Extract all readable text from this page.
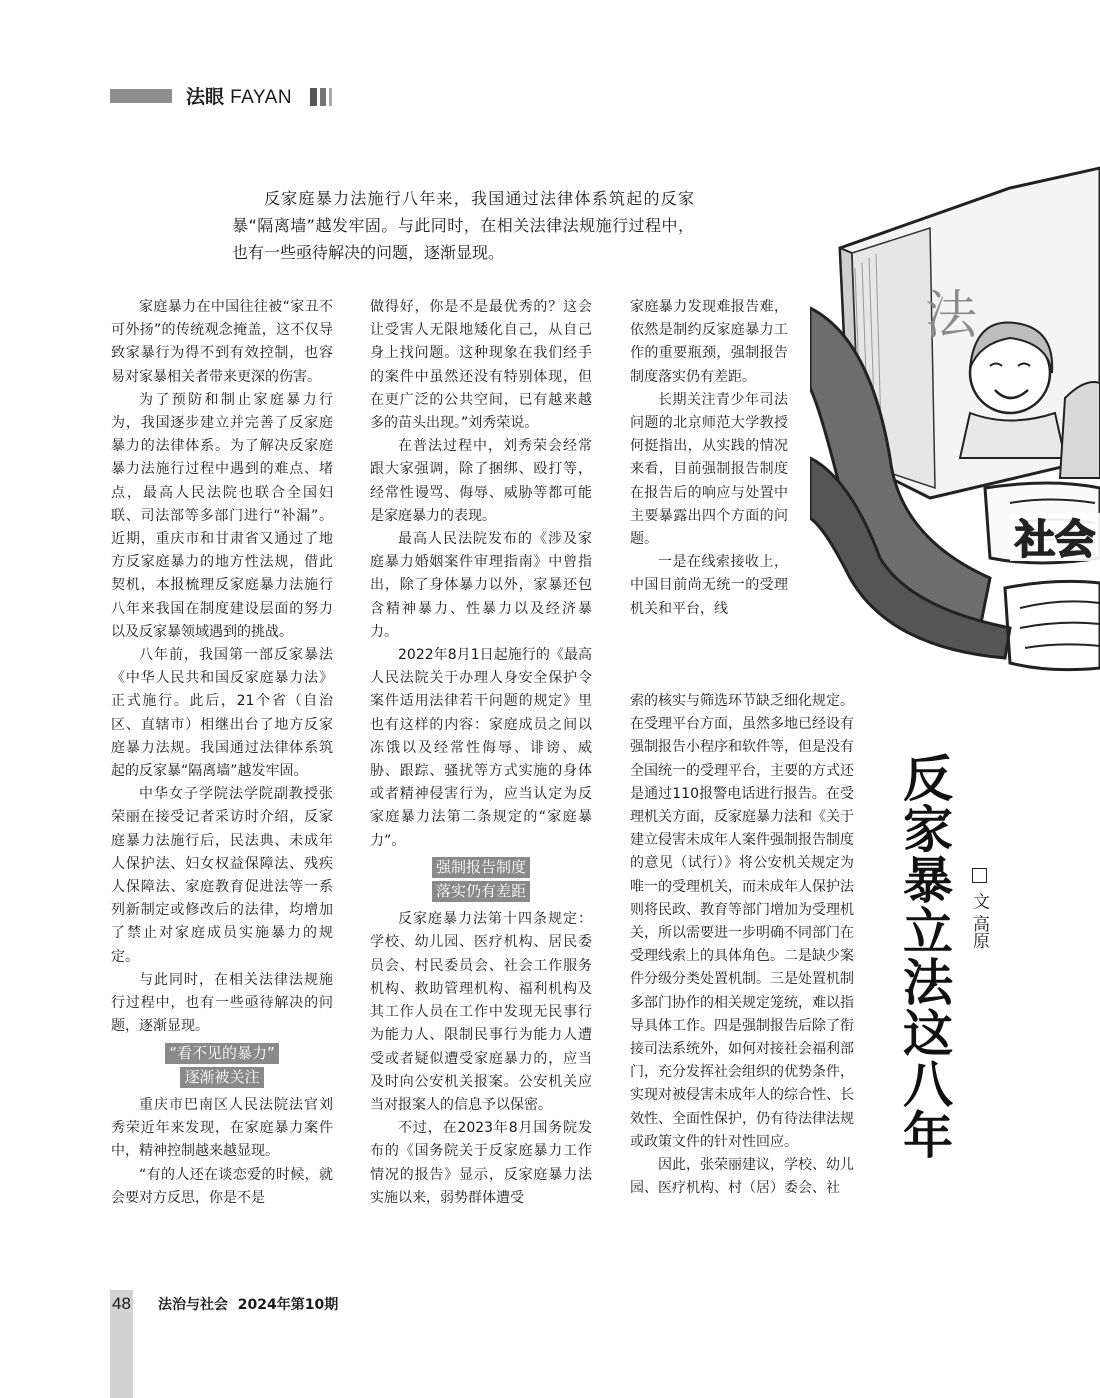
法眼 FAYAN
反家庭暴力法施行八年来，我国通过法律体系筑起的反家暴“隔离墙”越发牢固。与此同时，在相关法律法规施行过程中，也有一些亟待解决的问题，逐渐显现。

家庭暴力在中国往往被“家丑不可外扬”的传统观念掩盖，这不仅导致家暴行为得不到有效控制，也容易对家暴相关者带来更深的伤害。

为了预防和制止家庭暴力行为，我国逐步建立并完善了反家庭暴力的法律体系。为了解决反家庭暴力法施行过程中遇到的难点、堵点，最高人民法院也联合全国妇联、司法部等多部门进行“补漏”。近期，重庆市和甘肃省又通过了地方反家庭暴力的地方性法规，借此契机，本报梳理反家庭暴力法施行八年来我国在制度建设层面的努力以及反家暴领域遇到的挑战。

八年前，我国第一部反家暴法《中华人民共和国反家庭暴力法》正式施行。此后，21个省（自治区、直辖市）相继出台了地方反家庭暴力法规。我国通过法律体系筑起的反家暴“隔离墙”越发牢固。

中华女子学院法学院副教授张荣丽在接受记者采访时介绍，反家庭暴力法施行后，民法典、未成年人保护法、妇女权益保障法、残疾人保障法、家庭教育促进法等一系列新制定或修改后的法律，均增加了禁止对家庭成员实施暴力的规定。

与此同时，在相关法律法规施行过程中，也有一些亟待解决的问题，逐渐显现。

“看不见的暴力”
逐渐被关注

重庆市巴南区人民法院法官刘秀荣近年来发现，在家庭暴力案件中，精神控制越来越显现。

“有的人还在谈恋爱的时候，就会要对方反思，你是不是

做得好，你是不是最优秀的？这会让受害人无限地矮化自己，从自己身上找问题。这种现象在我们经手的案件中虽然还没有特别体现，但在更广泛的公共空间，已有越来越多的苗头出现。”刘秀荣说。

在普法过程中，刘秀荣会经常跟大家强调，除了捆绑、殴打等，经常性谩骂、侮辱、威胁等都可能是家庭暴力的表现。

最高人民法院发布的《涉及家庭暴力婚姻案件审理指南》中曾指出，除了身体暴力以外，家暴还包含精神暴力、性暴力以及经济暴力。

2022年8月1日起施行的《最高人民法院关于办理人身安全保护令案件适用法律若干问题的规定》里也有这样的内容：家庭成员之间以冻饿以及经常性侮辱、诽谤、威胁、跟踪、骚扰等方式实施的身体或者精神侵害行为，应当认定为反家庭暴力法第二条规定的“家庭暴力”。

强制报告制度
落实仍有差距

反家庭暴力法第十四条规定：学校、幼儿园、医疗机构、居民委员会、村民委员会、社会工作服务机构、救助管理机构、福利机构及其工作人员在工作中发现无民事行为能力人、限制民事行为能力人遭受或者疑似遭受家庭暴力的，应当及时向公安机关报案。公安机关应当对报案人的信息予以保密。

不过，在2023年8月国务院发布的《国务院关于反家庭暴力工作情况的报告》显示，反家庭暴力法实施以来，弱势群体遭受

家庭暴力发现难报告难，依然是制约反家庭暴力工作的重要瓶颈，强制报告制度落实仍有差距。

长期关注青少年司法问题的北京师范大学教授何挺指出，从实践的情况来看，目前强制报告制度在报告后的响应与处置中主要暴露出四个方面的问题。

一是在线索接收上，中国目前尚无统一的受理机关和平台，线

索的核实与筛选环节缺乏细化规定。在受理平台方面，虽然多地已经设有强制报告小程序和软件等，但是没有全国统一的受理平台，主要的方式还是通过110报警电话进行报告。在受理机关方面，反家庭暴力法和《关于建立侵害未成年人案件强制报告制度的意见（试行）》将公安机关规定为唯一的受理机关，而未成年人保护法则将民政、教育等部门增加为受理机关，所以需要进一步明确不同部门在受理线索上的具体角色。二是缺少案件分级分类处置机制。三是处置机制多部门协作的相关规定笼统，难以指导具体工作。四是强制报告后除了衔接司法系统外，如何对接社会福利部门，充分发挥社会组织的优势条件，实现对被侵害未成年人的综合性、长效性、全面性保护，仍有待法律法规或政策文件的针对性回应。

因此，张荣丽建议，学校、幼儿园、医疗机构、村（居）委会、社

法
社会
反家暴立法这八年 文 高原
48 法治与社会 2024年第10期
